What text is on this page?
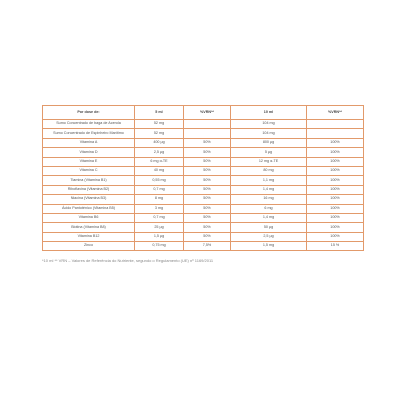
Por dose de:	5 ml	%VRN**	10 ml	%VRN**
Sumo Concentrado de baga de Acerola	52 mg		104 mg	
Sumo Concentrado de Espinheiro Marítimo	52 mg		104 mg	
Vitamina A	400 µg	50%	800 µg	100%
Vitamina D	2,5 µg	50%	5 µg	100%
Vitamina E	6 mg α-TE	50%	12 mg α-TE	100%
Vitamina C	40 mg	50%	80 mg	100%
Tiamina (Vitamina B1)	0,55 mg	50%	1,1 mg	100%
Riboflavina (Vitamina B2)	0,7 mg	50%	1,4 mg	100%
Niacina (Vitamina B3)	8 mg	50%	16 mg	100%
Ácido Pantoténico (Vitamina B5)	3 mg	50%	6 mg	100%
Vitamina B6	0,7 mg	50%	1,4 mg	100%
Biotina (Vitamina B8)	25 µg	50%	50 µg	100%
Vitamina B12	1,5 µg	50%	2,5 µg	100%
Zinco	0,75 mg	7,5%	1,5 mg	15 %
*10 ml ** VRN – Valores de Referência do Nutriente, segundo o Regulamento (UE) nº 1169/2011
